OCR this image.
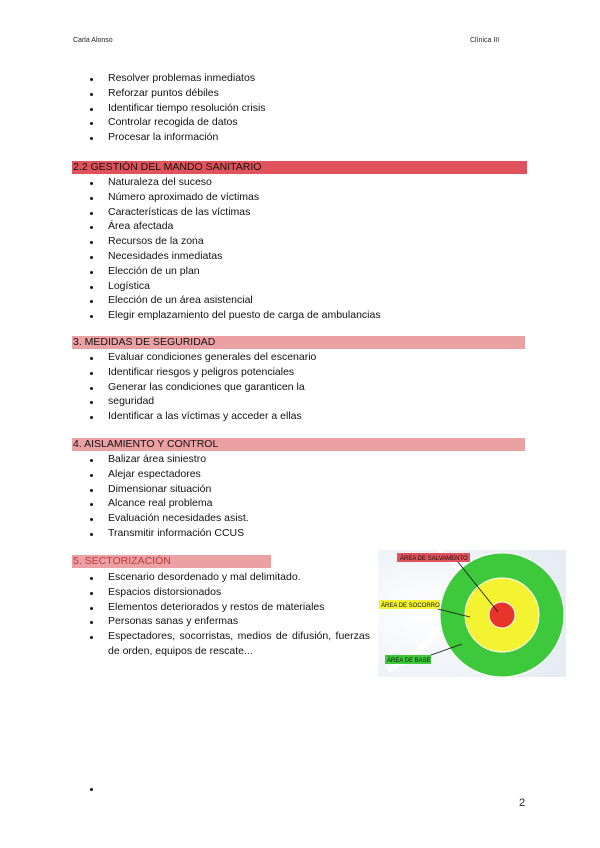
Carla Alonso	Clínica III
Resolver problemas inmediatos
Reforzar puntos débiles
Identificar tiempo resolución crisis
Controlar recogida de datos
Procesar la información
2.2 GESTIÓN DEL MANDO SANITARIO
Naturaleza del suceso
Número aproximado de víctimas
Características de las víctimas
Área afectada
Recursos de la zona
Necesidades inmediatas
Elección de un plan
Logística
Elección de un área asistencial
Elegir emplazamiento del puesto de carga de ambulancias
3. MEDIDAS DE SEGURIDAD
Evaluar condiciones generales del escenario
Identificar riesgos y peligros potenciales
Generar las condiciones que garanticen la
seguridad
Identificar a las víctimas y acceder a ellas
4. AISLAMIENTO Y CONTROL
Balizar área siniestro
Alejar espectadores
Dimensionar situación
Alcance real problema
Evaluación necesidades asist.
Transmitir información CCUS
5. SECTORIZACIÓN
Escenario desordenado y mal delimitado.
Espacios distorsionados
Elementos deteriorados y restos de materiales
Personas sanas y enfermas
Espectadores, socorristas, medios de difusión, fuerzas de orden, equipos de rescate...
ÁREA DE SALVAMENTO
ÁREA DE SOCORRO
ÁREA DE BASE
2
